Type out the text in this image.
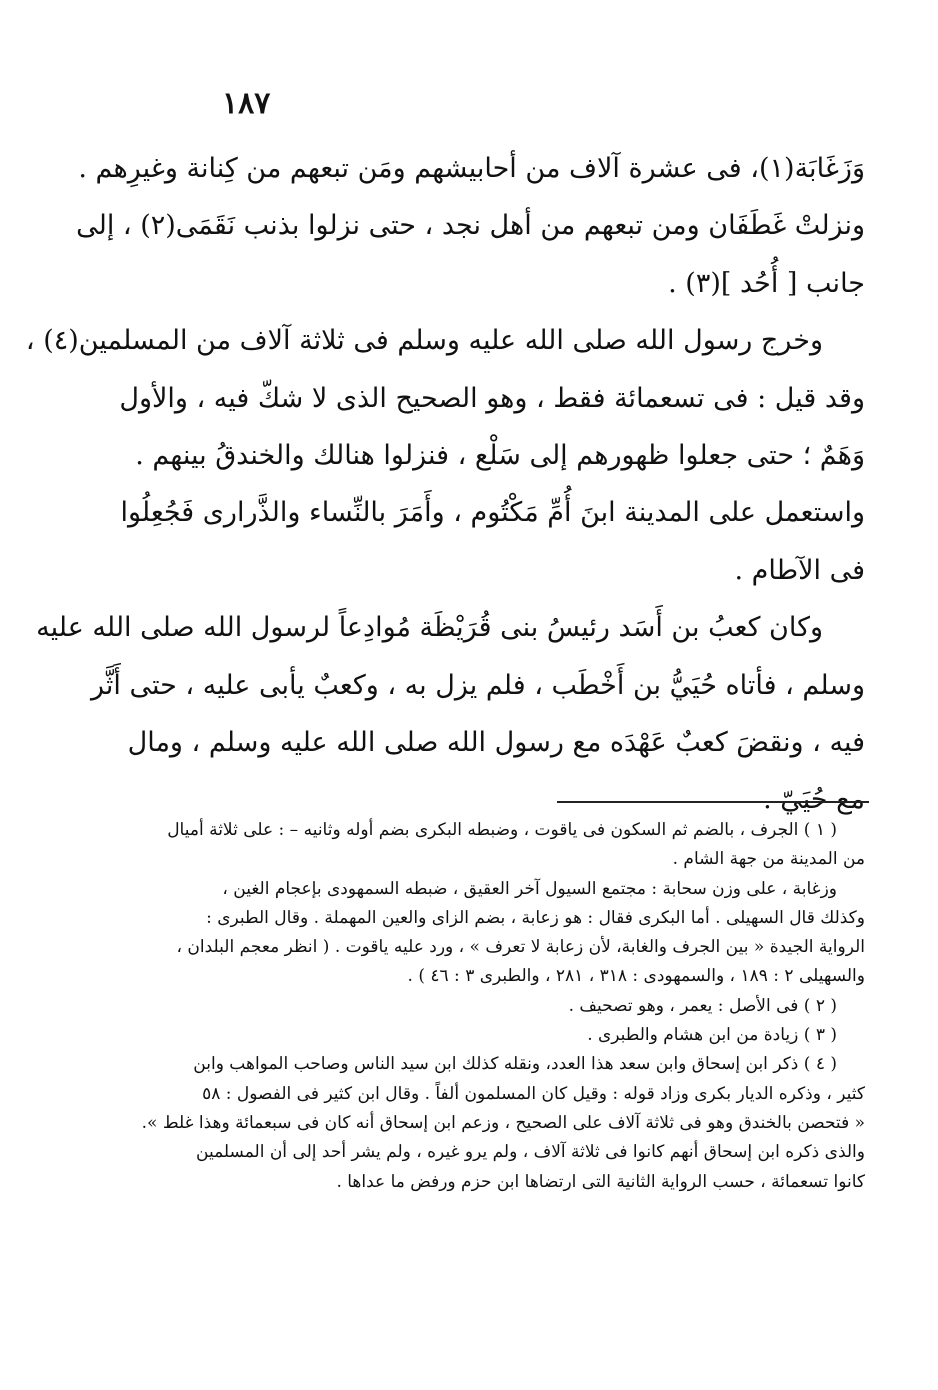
١٨٧
وَزَغَابَة(١)، فى عشرة آلاف من أحابيشهم ومَن تبعهم من كِنانة وغيرِهم .
ونزلتْ غَطَفَان ومن تبعهم من أهل نجد ، حتى نزلوا بذنب نَقَمَى(٢) ، إلى
جانب [ أُحُد ](٣) .
وخرج رسول الله صلى الله عليه وسلم فى ثلاثة آلاف من المسلمين(٤) ،
وقد قيل : فى تسعمائة فقط ، وهو الصحيح الذى لا شكّ فيه ، والأول
وَهَمٌ ؛ حتى جعلوا ظهورهم إلى سَلْع ، فنزلوا هنالك والخندقُ بينهم .
واستعمل على المدينة ابنَ أُمِّ مَكْتُوم ، وأَمَرَ بالنِّساء والذَّرارى فَجُعِلُوا
فى الآطام .
وكان كعبُ بن أَسَد رئيسُ بنى قُرَيْظَة مُوادِعاً لرسول الله صلى الله عليه
وسلم ، فأتاه حُيَيُّ بن أَخْطَب ، فلم يزل به ، وكعبٌ يأبى عليه ، حتى أَثَّر
فيه ، ونقضَ كعبٌ عَهْدَه مع رسول الله صلى الله عليه وسلم ، ومال
مع حُيَيّ .
( ١ ) الجرف ، بالضم ثم السكون فى ياقوت ، وضبطه البكرى بضم أوله وثانيه – : على ثلاثة أميال
من المدينة من جهة الشام .
وزغابة ، على وزن سحابة : مجتمع السيول آخر العقيق ، ضبطه السمهودى بإعجام الغين ،
وكذلك قال السهيلى . أما البكرى فقال : هو زعابة ، بضم الزاى والعين المهملة . وقال الطبرى :
الرواية الجيدة « بين الجرف والغابة، لأن زعابة لا تعرف » ، ورد عليه ياقوت . ( انظر معجم البلدان ،
والسهيلى ٢ : ١٨٩ ، والسمهودى : ٣١٨ ، ٢٨١ ، والطبرى ٣ : ٤٦ ) .
( ٢ ) فى الأصل : يعمر ، وهو تصحيف .
( ٣ ) زيادة من ابن هشام والطبرى .
( ٤ ) ذكر ابن إسحاق وابن سعد هذا العدد، ونقله كذلك ابن سيد الناس وصاحب المواهب وابن
كثير ، وذكره الديار بكرى وزاد قوله : وقيل كان المسلمون ألفاً . وقال ابن كثير فى الفصول : ٥٨
« فتحصن بالخندق وهو فى ثلاثة آلاف على الصحيح ، وزعم ابن إسحاق أنه كان فى سبعمائة وهذا غلط ».
والذى ذكره ابن إسحاق أنهم كانوا فى ثلاثة آلاف ، ولم يرو غيره ، ولم يشر أحد إلى أن المسلمين
كانوا تسعمائة ، حسب الرواية الثانية التى ارتضاها ابن حزم ورفض ما عداها .
